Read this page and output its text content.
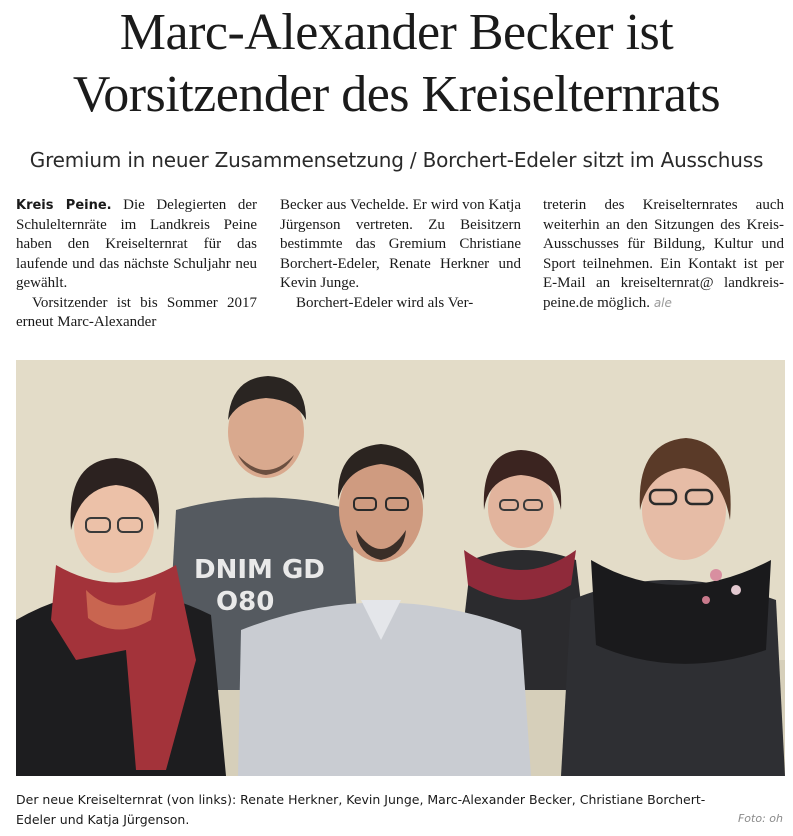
Marc-Alexander Becker ist
Vorsitzender des Kreiselternrats
Gremium in neuer Zusammensetzung / Borchert-Edeler sitzt im Ausschuss

Kreis Peine. Die Delegierten der Schulelternräte im Landkreis Peine haben den Kreiselternrat für das laufende und das nächste Schuljahr neu gewählt.

Vorsitzender ist bis Sommer 2017 erneut Marc-Alexander

Becker aus Vechelde. Er wird von Katja Jürgenson vertreten. Zu Beisitzern bestimmte das Gremium Christiane Borchert-Edeler, Renate Herkner und Kevin Junge.

Borchert-Edeler wird als Ver-

treterin des Kreiselternrates auch weiterhin an den Sitzungen des Kreis-Ausschusses für Bildung, Kultur und Sport teilnehmen. Ein Kontakt ist per E-Mail an kreiselternrat@ landkreis-peine.de möglich. ale

DNIM GD
O80
Der neue Kreiselternrat (von links): Renate Herkner, Kevin Junge, Marc-Alexander Becker, Christiane Borchert-Edeler und Katja Jürgenson.	Foto: oh
